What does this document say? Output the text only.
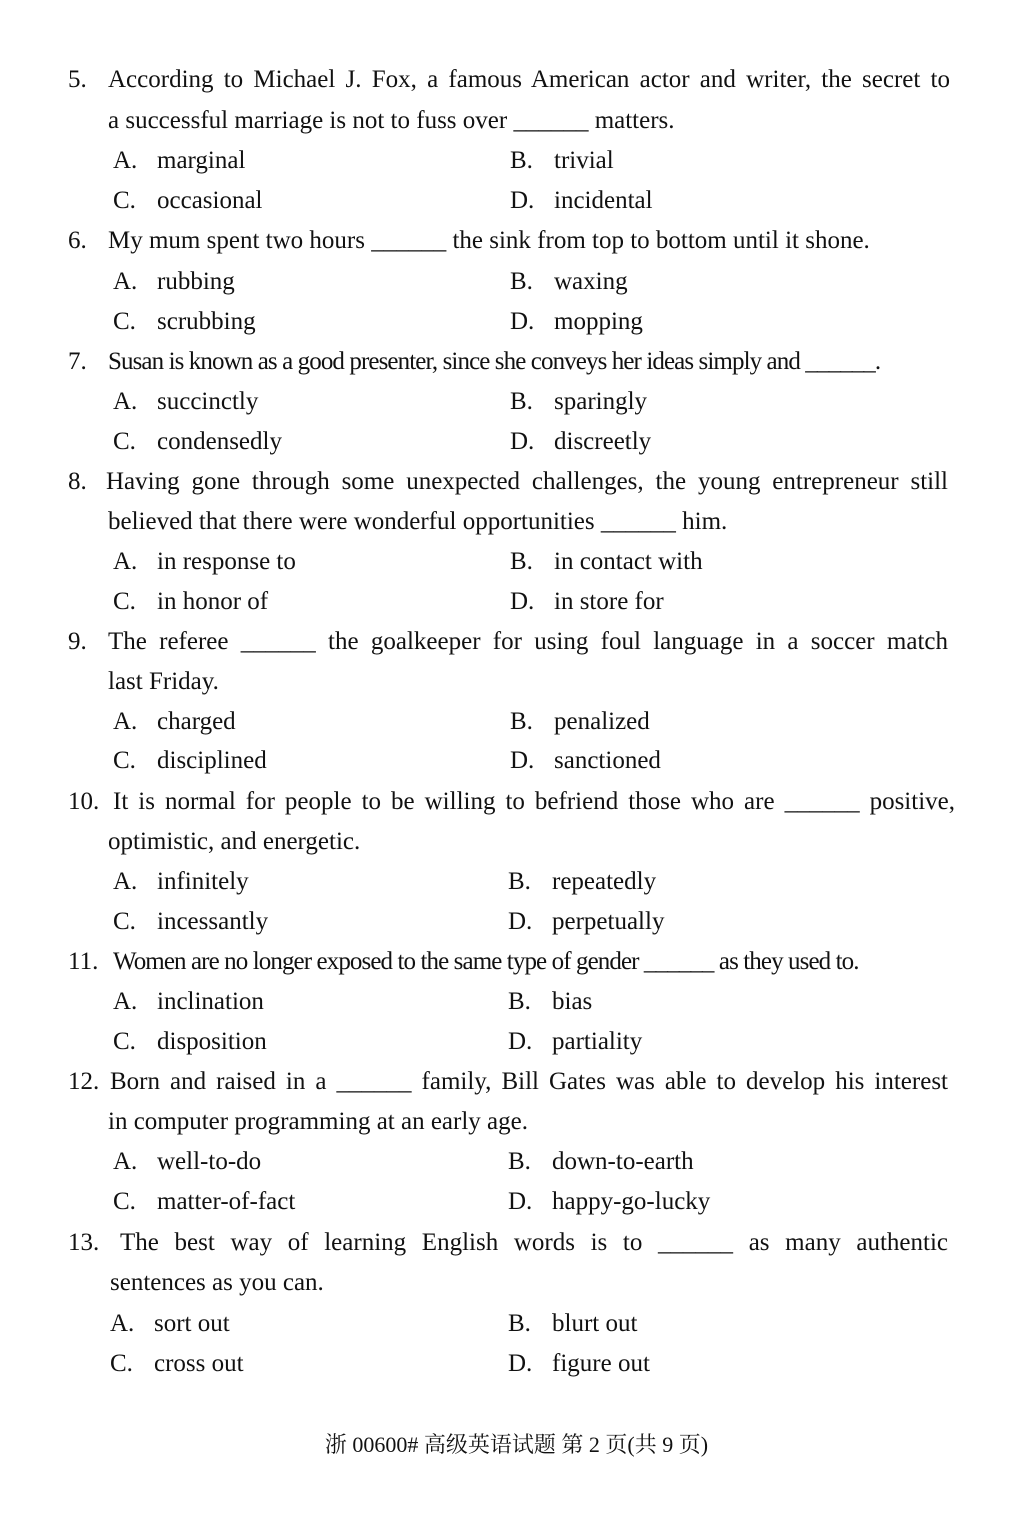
5. According to Michael J. Fox, a famous American actor and writer, the secret to
a successful marriage is not to fuss over ______ matters.
A. marginal	B. trivial
C. occasional	D. incidental
6. My mum spent two hours ______ the sink from top to bottom until it shone.
A. rubbing	B. waxing
C. scrubbing	D. mopping
7. Susan is known as a good presenter, since she conveys her ideas simply and ______.
A. succinctly	B. sparingly
C. condensedly	D. discreetly
8. Having gone through some unexpected challenges, the young entrepreneur still
believed that there were wonderful opportunities ______ him.
A. in response to	B. in contact with
C. in honor of	D. in store for
9. The referee ______ the goalkeeper for using foul language in a soccer match
last Friday.
A. charged	B. penalized
C. disciplined	D. sanctioned
10. It is normal for people to be willing to befriend those who are ______ positive,
optimistic, and energetic.
A. infinitely	B. repeatedly
C. incessantly	D. perpetually
11. Women are no longer exposed to the same type of gender ______ as they used to.
A. inclination	B. bias
C. disposition	D. partiality
12. Born and raised in a ______ family, Bill Gates was able to develop his interest
in computer programming at an early age.
A. well-to-do	B. down-to-earth
C. matter-of-fact	D. happy-go-lucky
13. The best way of learning English words is to ______ as many authentic
sentences as you can.
A. sort out	B. blurt out
C. cross out	D. figure out
浙 00600# 高级英语试题 第 2 页(共 9 页)
